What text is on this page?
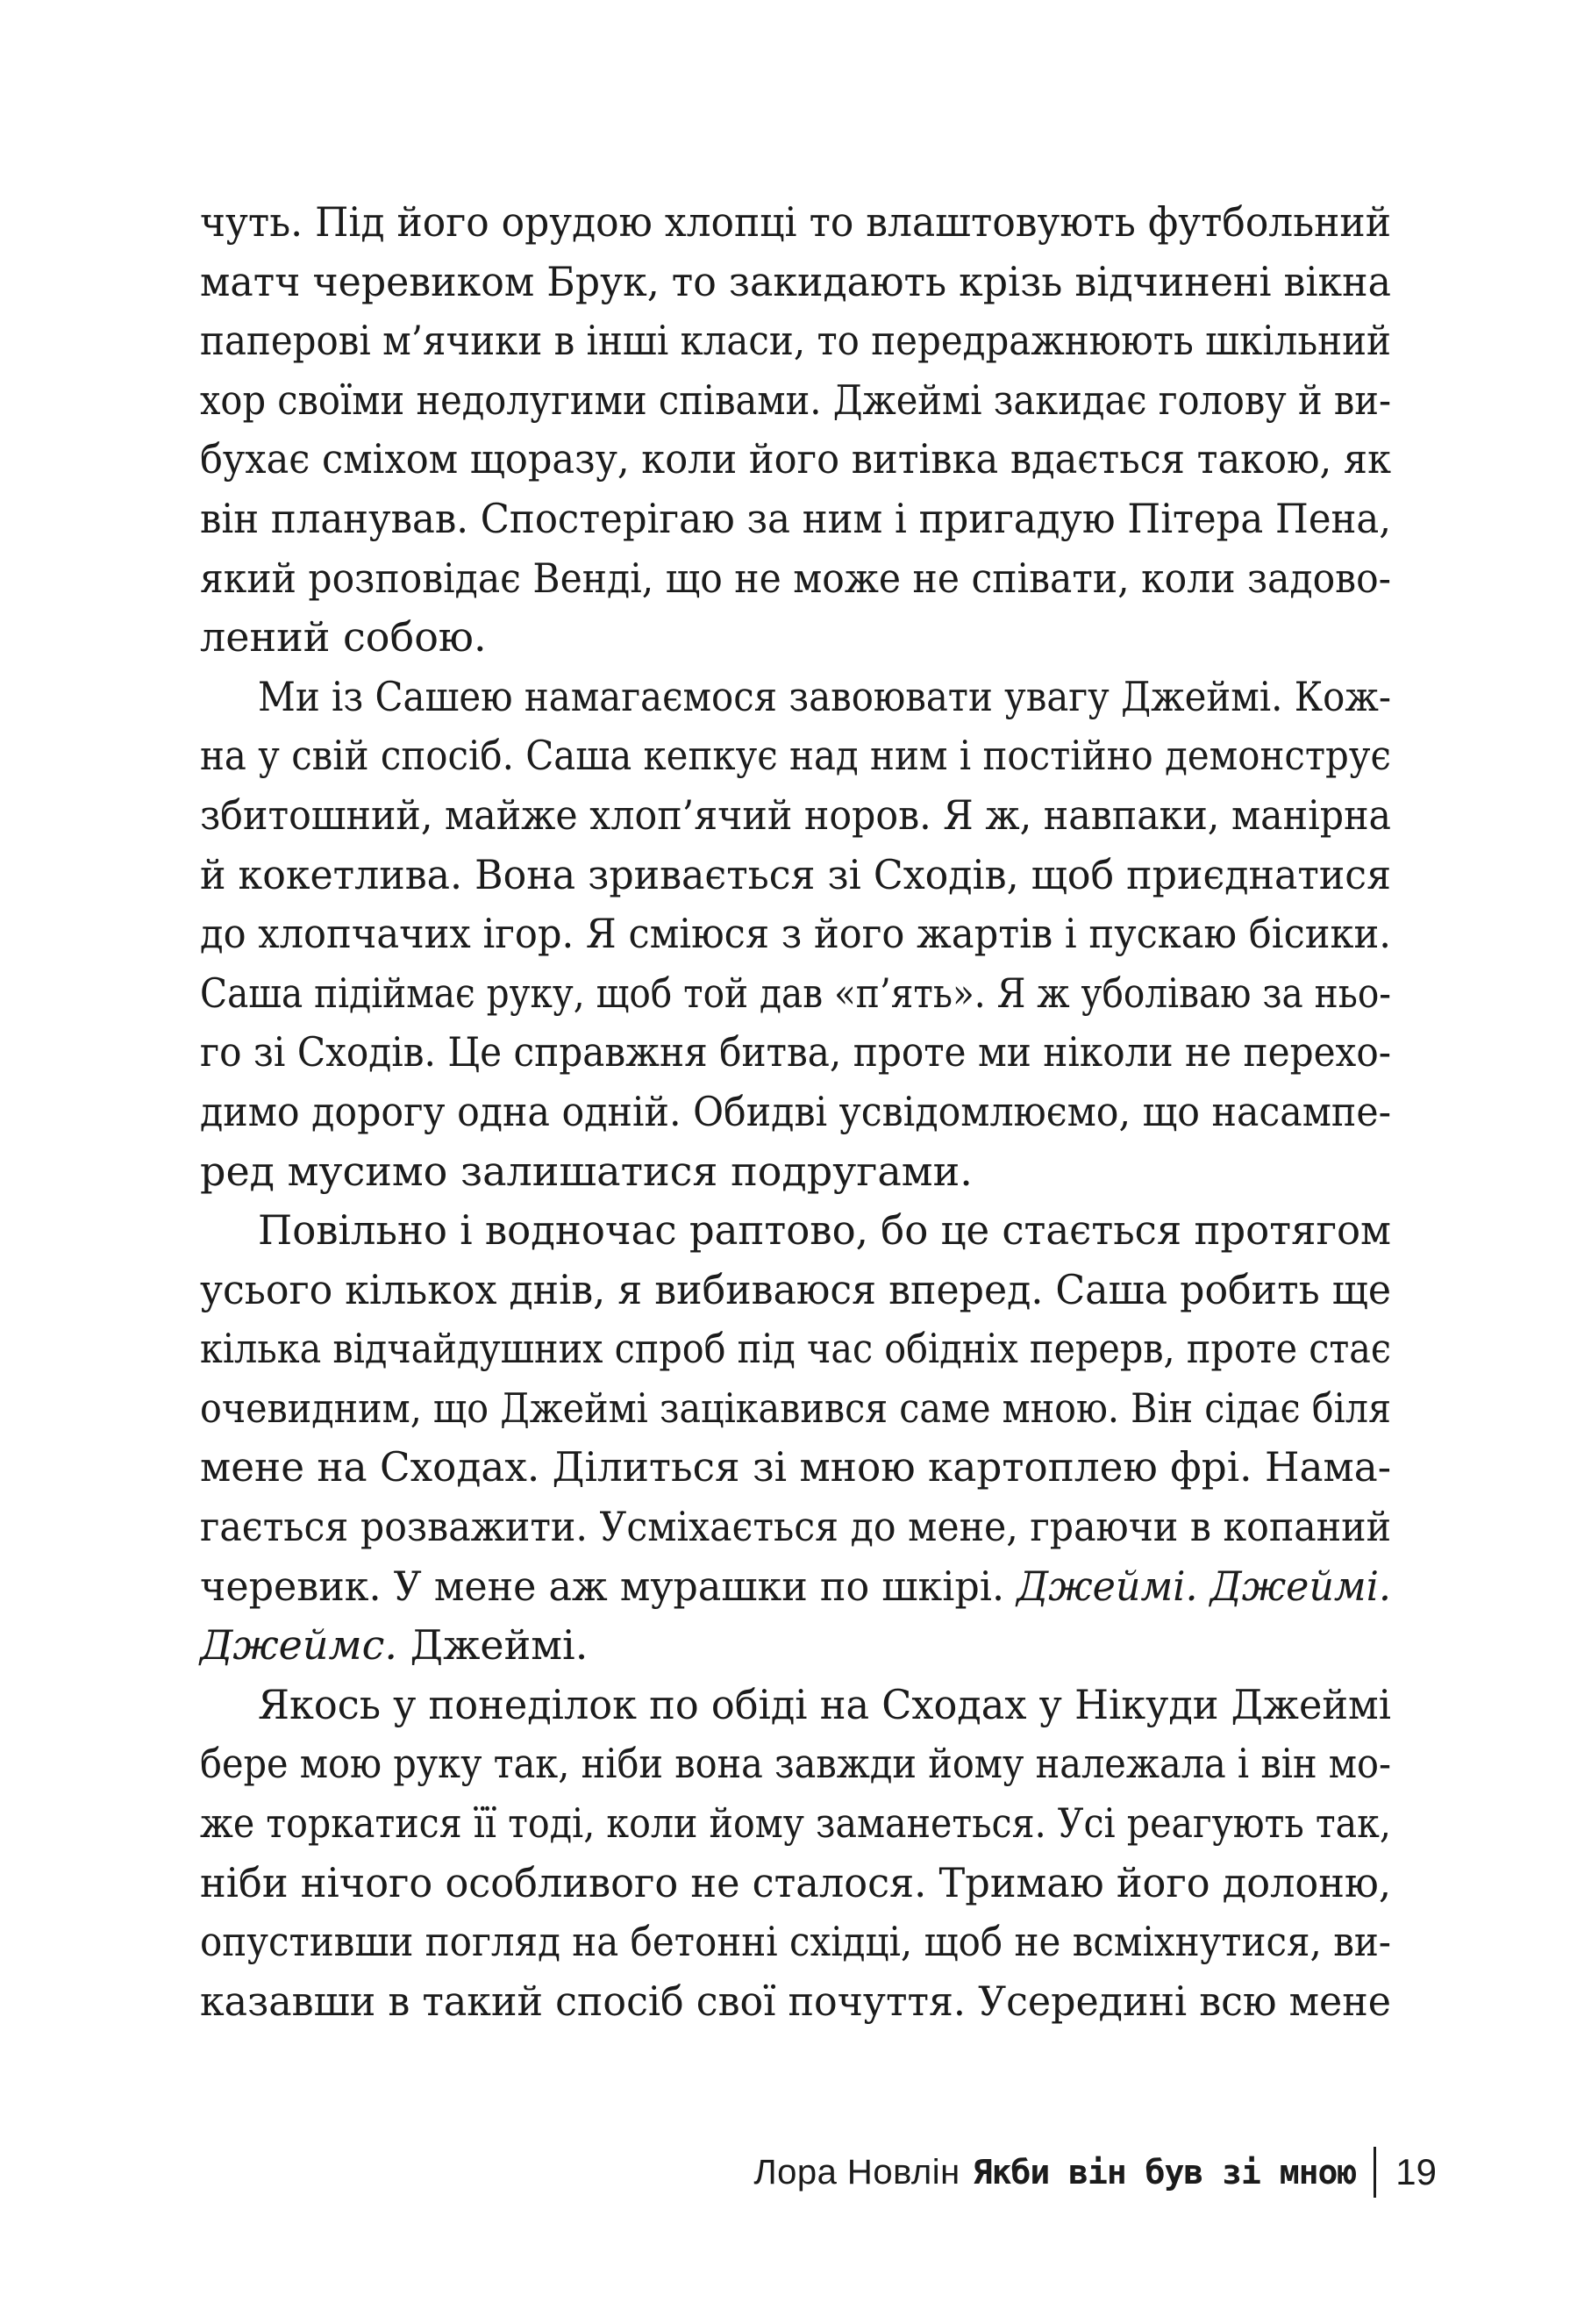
чуть. Під його орудою хлопці то влаштовують футбольний
матч черевиком Брук, то закидають крізь відчинені вікна
паперові м’ячики в інші класи, то передражнюють шкільний
хор своїми недолугими співами. Джеймі закидає голову й ви-
бухає сміхом щоразу, коли його витівка вдається такою, як
він планував. Спостерігаю за ним і пригадую Пітера Пена,
який розповідає Венді, що не може не співати, коли задово-
лений собою.
Ми із Сашею намагаємося завоювати увагу Джеймі. Кож-
на у свій спосіб. Саша кепкує над ним і постійно демонструє
збитошний, майже хлоп’ячий норов. Я ж, навпаки, манірна
й кокетлива. Вона зривається зі Сходів, щоб приєднатися
до хлопчачих ігор. Я сміюся з його жартів і пускаю бісики.
Саша підіймає руку, щоб той дав «п’ять». Я ж уболіваю за ньо-
го зі Сходів. Це справжня битва, проте ми ніколи не перехо-
димо дорогу одна одній. Обидві усвідомлюємо, що насампе-
ред мусимо залишатися подругами.
Повільно і водночас раптово, бо це стається протягом
усього кількох днів, я вибиваюся вперед. Саша робить ще
кілька відчайдушних спроб під час обідніх перерв, проте стає
очевидним, що Джеймі зацікавився саме мною. Він сідає біля
мене на Сходах. Ділиться зі мною картоплею фрі. Нама-
гається розважити. Усміхається до мене, граючи в копаний
черевик. У мене аж мурашки по шкірі. Джеймі. Джеймі.
Джеймс. Джеймі.
Якось у понеділок по обіді на Сходах у Нікуди Джеймі
бере мою руку так, ніби вона завжди йому належала і він мо-
же торкатися її тоді, коли йому заманеться. Усі реагують так,
ніби нічого особливого не сталося. Тримаю його долоню,
опустивши погляд на бетонні східці, щоб не всміхнутися, ви-
казавши в такий спосіб свої почуття. Усередині всю мене
Лора Новлін Якби він був зі мною 19
